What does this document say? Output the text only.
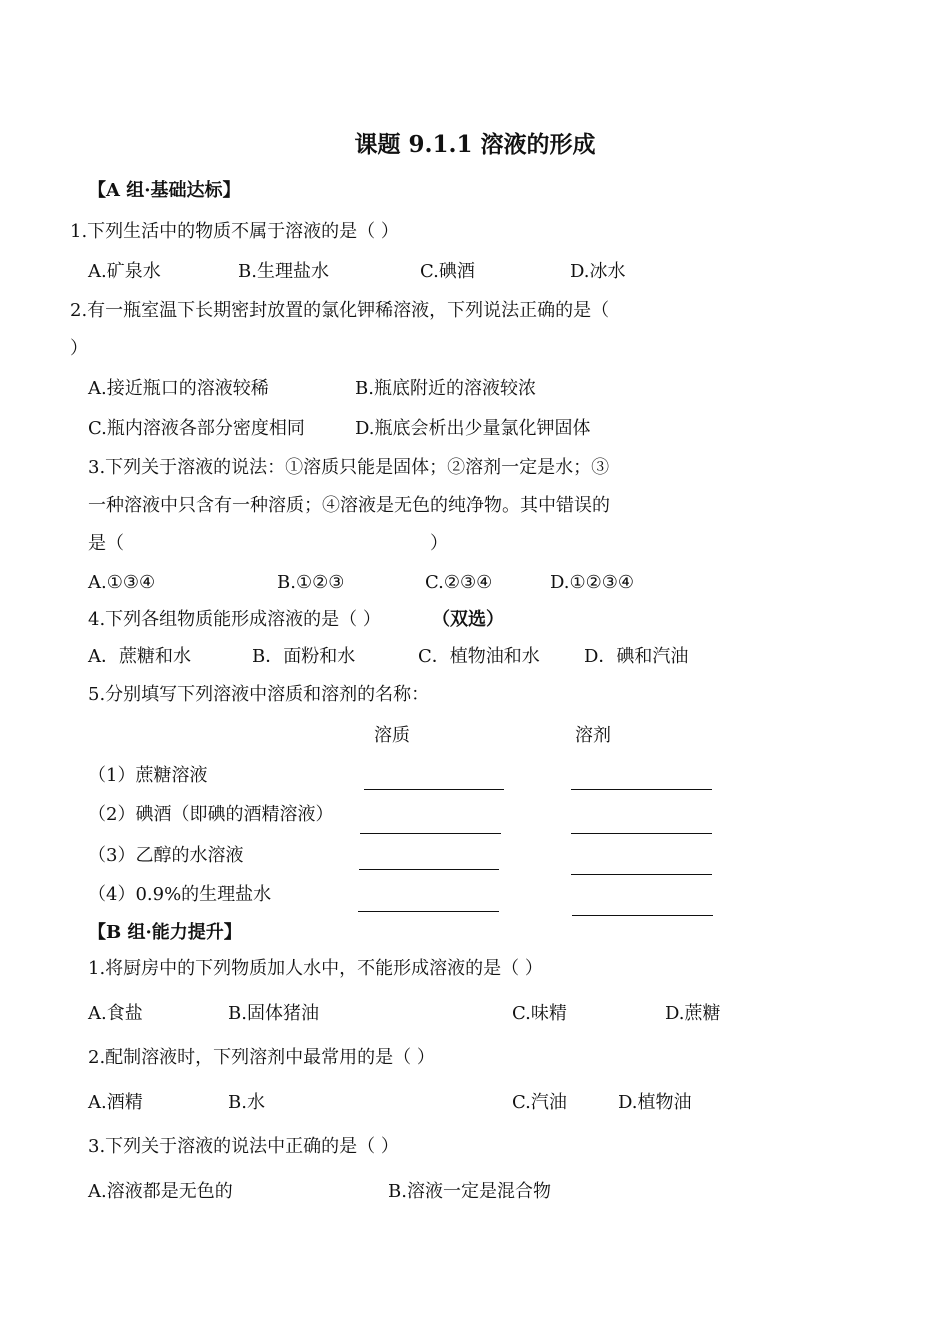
课题 9.1.1 溶液的形成
【A 组·基础达标】
1.下列生活中的物质不属于溶液的是（ ）
A.矿泉水	B.生理盐水	C.碘酒	D.冰水
2.有一瓶室温下长期密封放置的氯化钾稀溶液，下列说法正确的是（
）
A.接近瓶口的溶液较稀	B.瓶底附近的溶液较浓
C.瓶内溶液各部分密度相同	D.瓶底会析出少量氯化钾固体
3.下列关于溶液的说法：①溶质只能是固体；②溶剂一定是水；③
一种溶液中只含有一种溶质；④溶液是无色的纯净物。其中错误的
是（	）
A.①③④	B.①②③	C.②③④	D.①②③④
4.下列各组物质能形成溶液的是（ ）	（双选）
A．蔗糖和水	B．面粉和水	C．植物油和水 D．碘和汽油
5.分别填写下列溶液中溶质和溶剂的名称：
溶质	溶剂
（1）蔗糖溶液
（2）碘酒（即碘的酒精溶液）
（3）乙醇的水溶液
（4）0.9%的生理盐水
【B 组·能力提升】
1.将厨房中的下列物质加人水中，不能形成溶液的是（ ）
A.食盐	B.固体猪油	C.味精	D.蔗糖
2.配制溶液时，下列溶剂中最常用的是（ ）
A.酒精	B.水	C.汽油	D.植物油
3.下列关于溶液的说法中正确的是（ ）
A.溶液都是无色的	B.溶液一定是混合物
